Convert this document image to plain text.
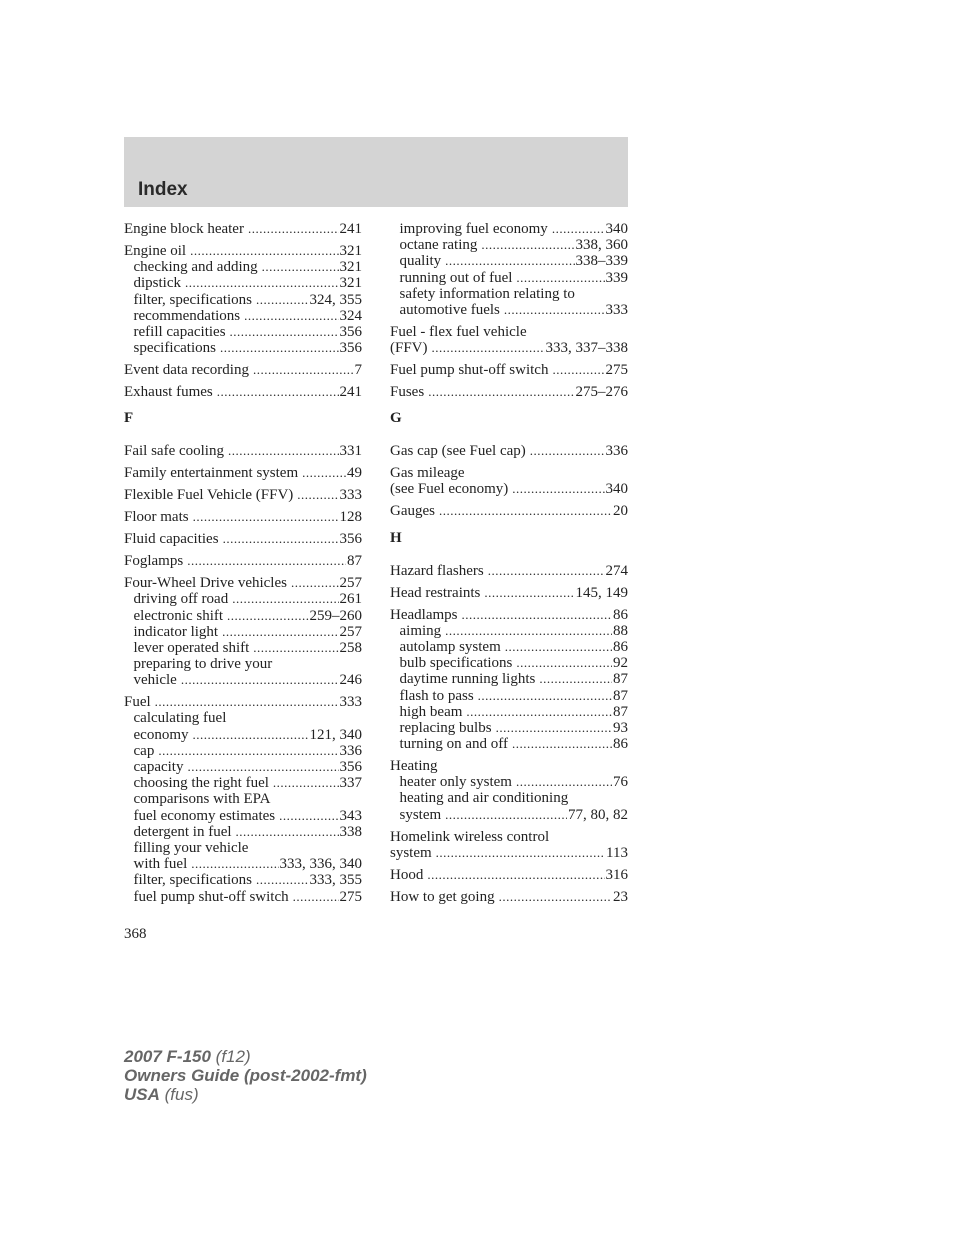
Index
Engine block heater .....	241
Engine oil .....	321
checking and adding .....	321
dipstick .....	321
filter, specifications .....	324, 355
recommendations .....	324
refill capacities .....	356
specifications .....	356
Event data recording .....	7
Exhaust fumes .....	241
F
Fail safe cooling .....	331
Family entertainment system .....	49
Flexible Fuel Vehicle (FFV) .....	333
Floor mats .....	128
Fluid capacities .....	356
Foglamps .....	87
Four-Wheel Drive vehicles .....	257
driving off road .....	261
electronic shift .....	259–260
indicator light .....	257
lever operated shift .....	258
preparing to drive your
vehicle .....	246
Fuel .....	333
calculating fuel
economy .....	121, 340
cap .....	336
capacity .....	356
choosing the right fuel .....	337
comparisons with EPA
fuel economy estimates .....	343
detergent in fuel .....	338
filling your vehicle
with fuel .....	333, 336, 340
filter, specifications .....	333, 355
fuel pump shut-off switch .....	275
improving fuel economy .....	340
octane rating .....	338, 360
quality .....	338–339
running out of fuel .....	339
safety information relating to
automotive fuels .....	333
Fuel - flex fuel vehicle
(FFV) .....	333, 337–338
Fuel pump shut-off switch .....	275
Fuses .....	275–276
G
Gas cap (see Fuel cap) .....	336
Gas mileage
(see Fuel economy) .....	340
Gauges .....	20
H
Hazard flashers .....	274
Head restraints .....	145, 149
Headlamps .....	86
aiming .....	88
autolamp system .....	86
bulb specifications .....	92
daytime running lights .....	87
flash to pass .....	87
high beam .....	87
replacing bulbs .....	93
turning on and off .....	86
Heating
heater only system .....	76
heating and air conditioning
system .....	77, 80, 82
Homelink wireless control
system .....	113
Hood .....	316
How to get going .....	23
368
2007 F-150 (f12)
Owners Guide (post-2002-fmt)
USA (fus)
